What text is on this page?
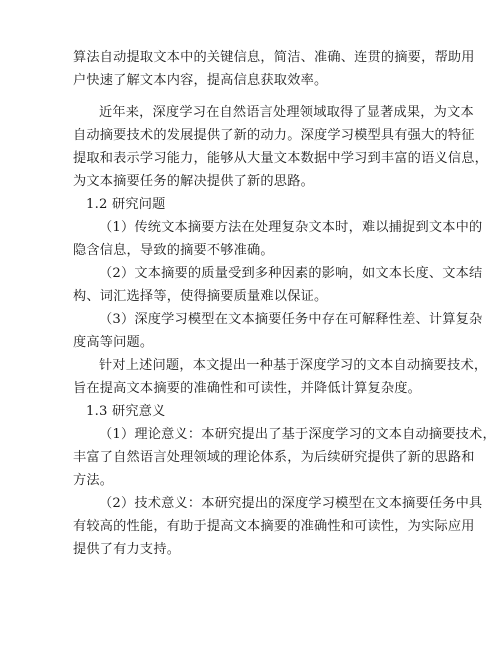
算法自动提取文本中的关键信息，简洁、准确、连贯的摘要，帮助用
户快速了解文本内容，提高信息获取效率。
近年来，深度学习在自然语言处理领域取得了显著成果，为文本
自动摘要技术的发展提供了新的动力。深度学习模型具有强大的特征
提取和表示学习能力，能够从大量文本数据中学习到丰富的语义信息，
为文本摘要任务的解决提供了新的思路。
1.2 研究问题
（1）传统文本摘要方法在处理复杂文本时，难以捕捉到文本中的
隐含信息，导致的摘要不够准确。
（2）文本摘要的质量受到多种因素的影响，如文本长度、文本结
构、词汇选择等，使得摘要质量难以保证。
（3）深度学习模型在文本摘要任务中存在可解释性差、计算复杂
度高等问题。
针对上述问题，本文提出一种基于深度学习的文本自动摘要技术，
旨在提高文本摘要的准确性和可读性，并降低计算复杂度。
1.3 研究意义
（1）理论意义：本研究提出了基于深度学习的文本自动摘要技术，
丰富了自然语言处理领域的理论体系，为后续研究提供了新的思路和
方法。
（2）技术意义：本研究提出的深度学习模型在文本摘要任务中具
有较高的性能，有助于提高文本摘要的准确性和可读性，为实际应用
提供了有力支持。
